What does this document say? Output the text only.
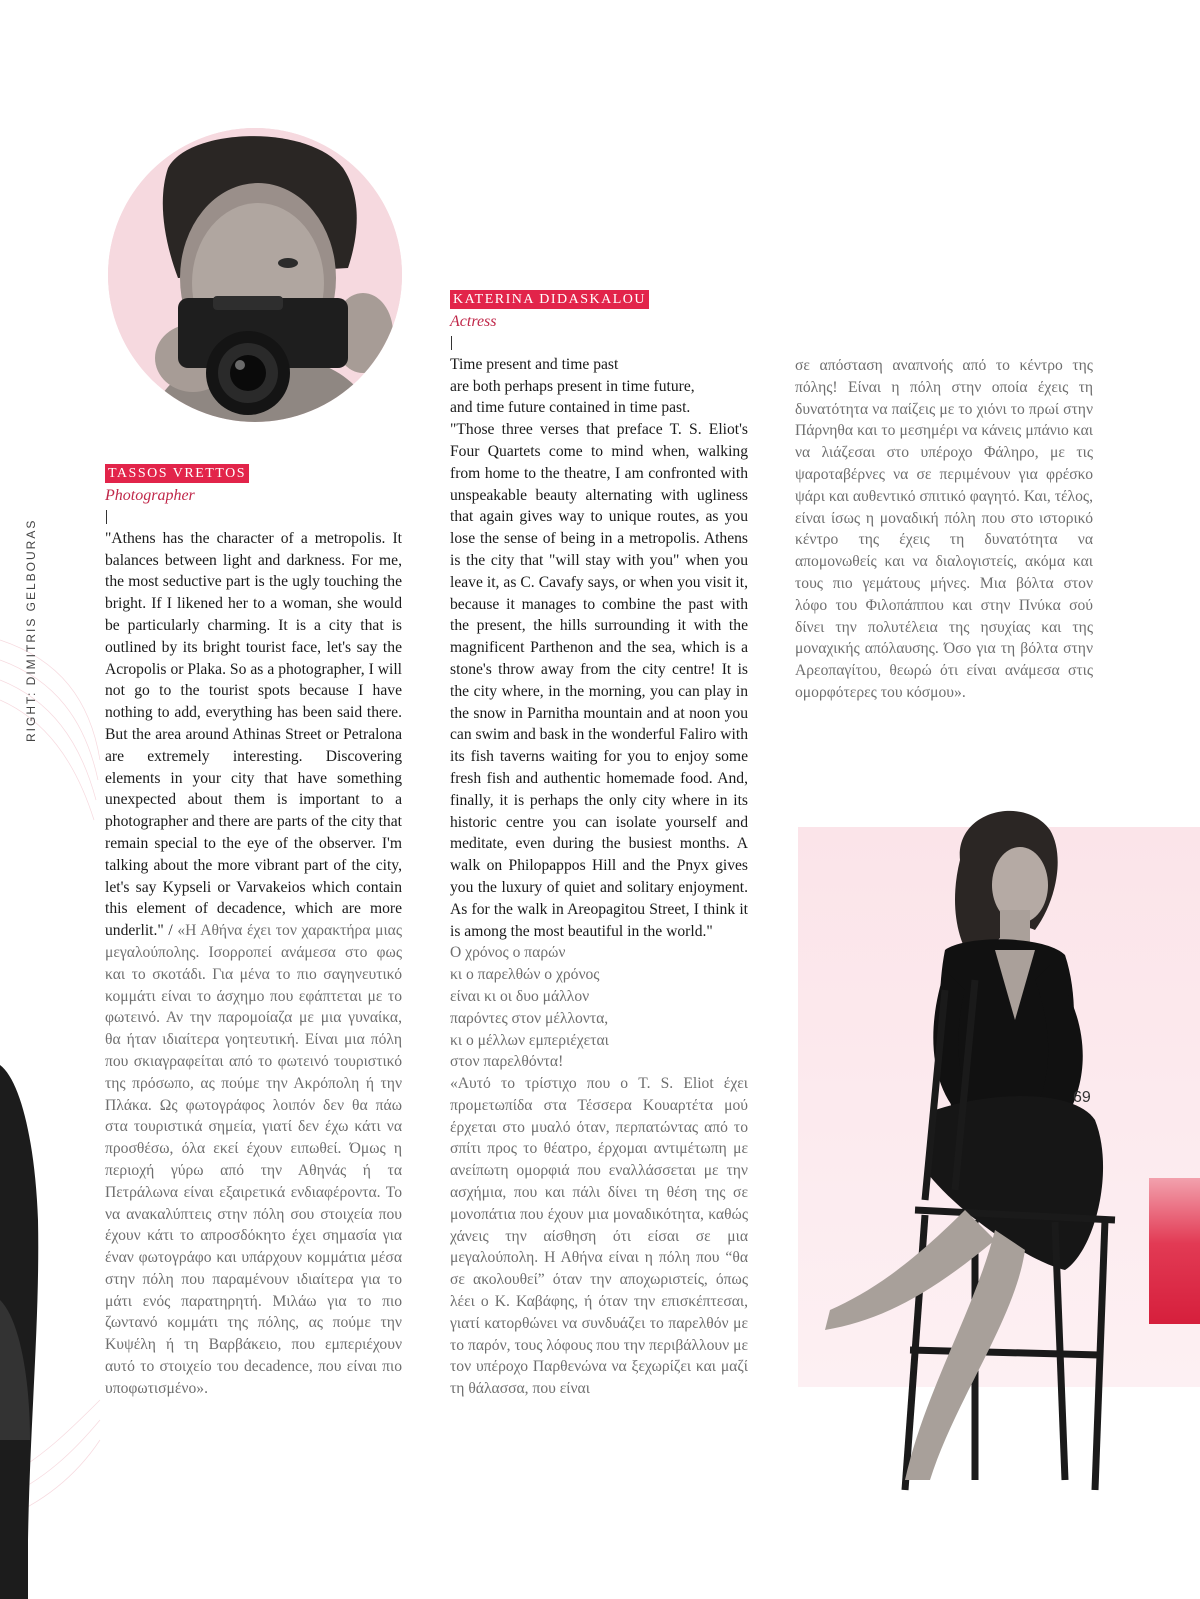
RIGHT: DIMITRIS GELBOURAS
TASSOS VRETTOS
Photographer

"Athens has the character of a metropolis. It balances between light and darkness. For me, the most seductive part is the ugly touching the bright. If I likened her to a woman, she would be particularly charming. It is a city that is outlined by its bright tourist face, let's say the Acropolis or Plaka. So as a photographer, I will not go to the tourist spots because I have nothing to add, everything has been said there. But the area around Athinas Street or Petralona are extremely interesting. Discovering elements in your city that have something unexpected about them is important to a photographer and there are parts of the city that remain special to the eye of the observer. I'm talking about the more vibrant part of the city, let's say Kypseli or Varvakeios which contain this element of decadence, which are more underlit." / «Η Αθήνα έχει τον χαρακτήρα μιας μεγαλούπολης. Ισορροπεί ανάμεσα στο φως και το σκοτάδι. Για μένα το πιο σαγηνευτικό κομμάτι είναι το άσχημο που εφάπτεται με το φωτεινό. Αν την παρομοίαζα με μια γυναίκα, θα ήταν ιδιαίτερα γοητευτική. Είναι μια πόλη που σκιαγραφείται από το φωτεινό τουριστικό της πρόσωπο, ας πούμε την Ακρόπολη ή την Πλάκα. Ως φωτογράφος λοιπόν δεν θα πάω στα τουριστικά σημεία, γιατί δεν έχω κάτι να προσθέσω, όλα εκεί έχουν ειπωθεί. Όμως η περιοχή γύρω από την Αθηνάς ή τα Πετράλωνα είναι εξαιρετικά ενδιαφέροντα. Το να ανακαλύπτεις στην πόλη σου στοιχεία που έχουν κάτι το απροσδόκητο έχει σημασία για έναν φωτογράφο και υπάρχουν κομμάτια μέσα στην πόλη που παραμένουν ιδιαίτερα για το μάτι ενός παρατηρητή. Μιλάω για το πιο ζωντανό κομμάτι της πόλης, ας πούμε την Κυψέλη ή τη Βαρβάκειο, που εμπεριέχουν αυτό το στοιχείο του decadence, που είναι πιο υποφωτισμένο».

KATERINA DIDASKALOU
Actress
Time present and time past
are both perhaps present in time future,
and time future contained in time past.

"Those three verses that preface T. S. Eliot's Four Quartets come to mind when, walking from home to the theatre, I am confronted with unspeakable beauty alternating with ugliness that again gives way to unique routes, as you lose the sense of being in a metropolis. Athens is the city that "will stay with you" when you leave it, as C. Cavafy says, or when you visit it, because it manages to combine the past with the present, the hills surrounding it with the magnificent Parthenon and the sea, which is a stone's throw away from the city centre! It is the city where, in the morning, you can play in the snow in Parnitha mountain and at noon you can swim and bask in the wonderful Faliro with its fish taverns waiting for you to enjoy some fresh fish and authentic homemade food. And, finally, it is perhaps the only city where in its historic centre you can isolate yourself and meditate, even during the busiest months. A walk on Philopappos Hill and the Pnyx gives you the luxury of quiet and solitary enjoyment. As for the walk in Areopagitou Street, I think it is among the most beautiful in the world."

Ο χρόνος ο παρών
κι ο παρελθών ο χρόνος
είναι κι οι δυο μάλλον
παρόντες στον μέλλοντα,
κι ο μέλλων εμπεριέχεται
στον παρελθόντα!

«Αυτό το τρίστιχο που ο T. S. Eliot έχει προμετωπίδα στα Τέσσερα Κουαρτέτα μού έρχεται στο μυαλό όταν, περπατώντας από το σπίτι προς το θέατρο, έρχομαι αντιμέτωπη με ανείπωτη ομορφιά που εναλλάσσεται με την ασχήμια, που και πάλι δίνει τη θέση της σε μονοπάτια που έχουν μια μοναδικότητα, καθώς χάνεις την αίσθηση ότι είσαι σε μια μεγαλούπολη. Η Αθήνα είναι η πόλη που “θα σε ακολουθεί” όταν την αποχωριστείς, όπως λέει ο Κ. Καβάφης, ή όταν την επισκέπτεσαι, γιατί κατορθώνει να συνδυάζει το παρελθόν με το παρόν, τους λόφους που την περιβάλλουν με τον υπέροχο Παρθενώνα να ξεχωρίζει και μαζί τη θάλασσα, που είναι

σε απόσταση αναπνοής από το κέντρο της πόλης! Είναι η πόλη στην οποία έχεις τη δυνατότητα να παίζεις με το χιόνι το πρωί στην Πάρνηθα και το μεσημέρι να κάνεις μπάνιο και να λιάζεσαι στο υπέροχο Φάληρο, με τις ψαροταβέρνες να σε περιμένουν για φρέσκο ψάρι και αυθεντικό σπιτικό φαγητό. Και, τέλος, είναι ίσως η μοναδική πόλη που στο ιστορικό κέντρο της έχεις τη δυνατότητα να απομονωθείς και να διαλογιστείς, ακόμα και τους πιο γεμάτους μήνες. Μια βόλτα στον λόφο του Φιλοπάππου και στην Πνύκα σού δίνει την πολυτέλεια της ησυχίας και της μοναχικής απόλαυσης. Όσο για τη βόλτα στην Αρεοπαγίτου, θεωρώ ότι είναι ανάμεσα στις ομορφότερες του κόσμου».

69
